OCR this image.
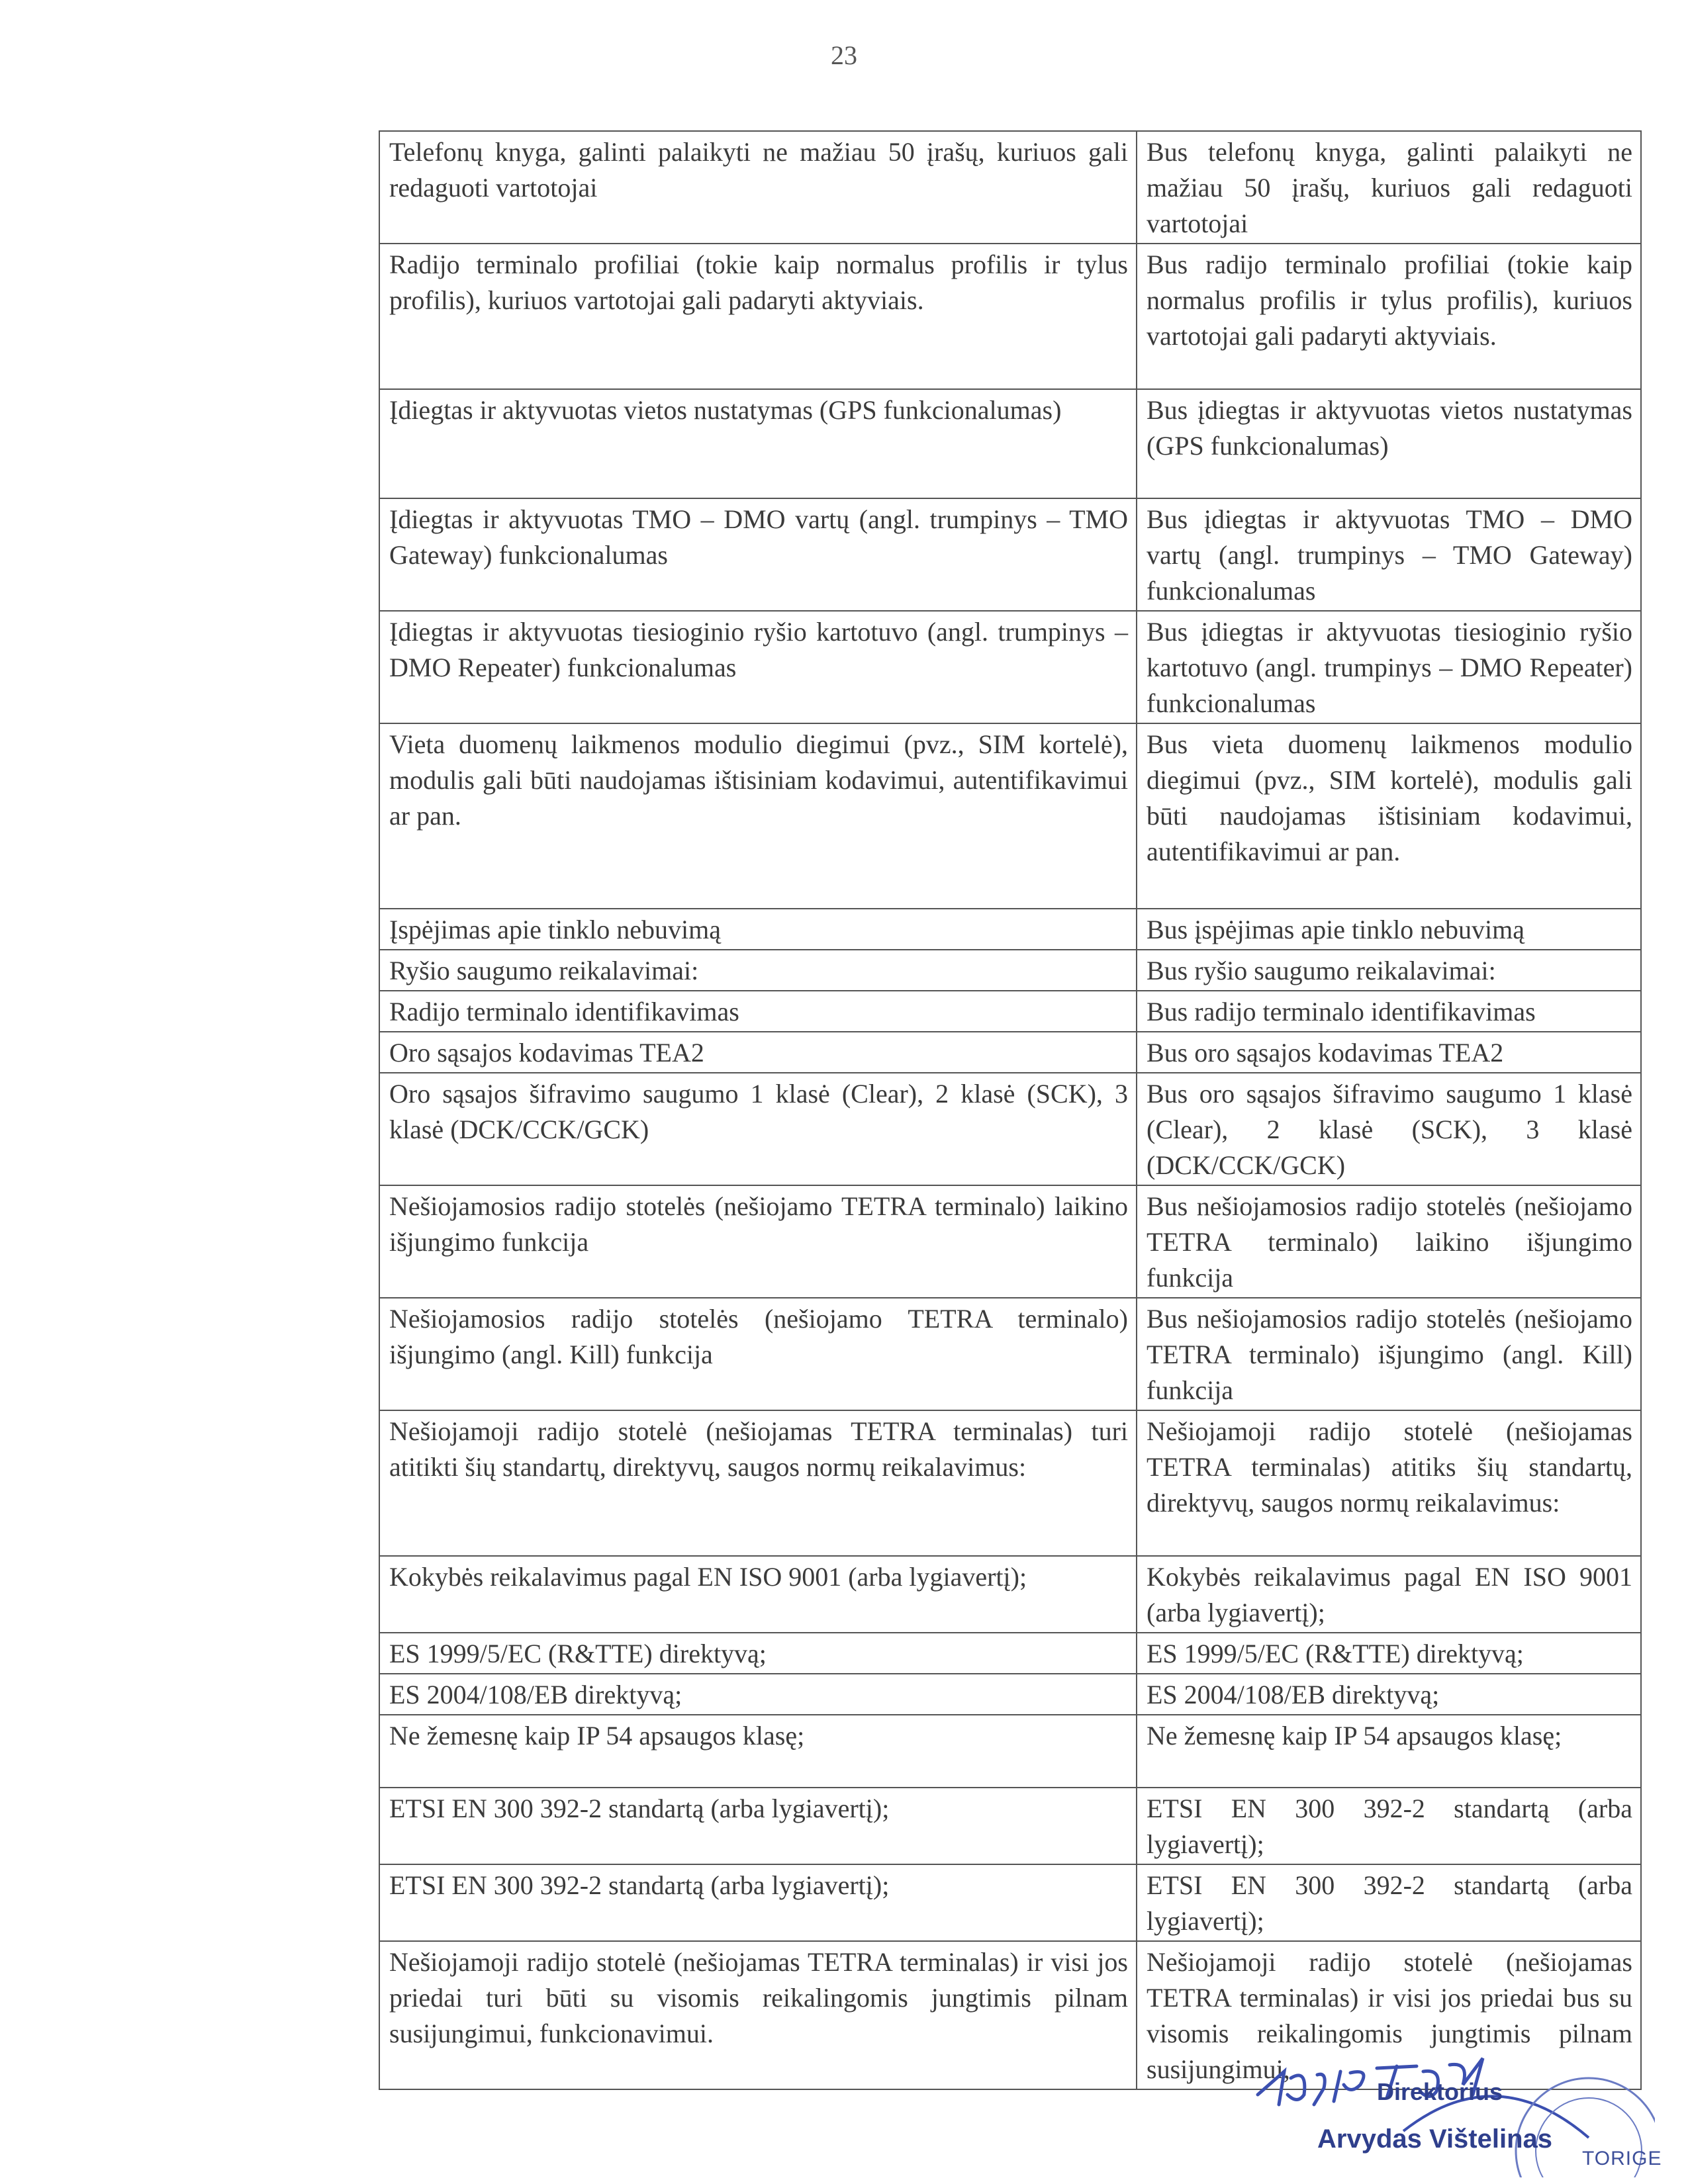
23
Telefonų knyga, galinti palaikyti ne mažiau 50 įrašų, kuriuos gali redaguoti vartotojai	Bus telefonų knyga, galinti palaikyti ne mažiau 50 įrašų, kuriuos gali redaguoti vartotojai
Radijo terminalo profiliai (tokie kaip normalus profilis ir tylus profilis), kuriuos vartotojai gali padaryti aktyviais.	Bus radijo terminalo profiliai (tokie kaip normalus profilis ir tylus profilis), kuriuos vartotojai gali padaryti aktyviais.
Įdiegtas ir aktyvuotas vietos nustatymas (GPS funkcionalumas)	Bus įdiegtas ir aktyvuotas vietos nustatymas (GPS funkcionalumas)
Įdiegtas ir aktyvuotas TMO – DMO vartų (angl. trumpinys – TMO Gateway) funkcionalumas	Bus įdiegtas ir aktyvuotas TMO – DMO vartų (angl. trumpinys – TMO Gateway) funkcionalumas
Įdiegtas ir aktyvuotas tiesioginio ryšio kartotuvo (angl. trumpinys – DMO Repeater) funkcionalumas	Bus įdiegtas ir aktyvuotas tiesioginio ryšio kartotuvo (angl. trumpinys – DMO Repeater) funkcionalumas
Vieta duomenų laikmenos modulio diegimui (pvz., SIM kortelė), modulis gali būti naudojamas ištisiniam kodavimui, autentifikavimui ar pan.	Bus vieta duomenų laikmenos modulio diegimui (pvz., SIM kortelė), modulis gali būti naudojamas ištisiniam kodavimui, autentifikavimui ar pan.
Įspėjimas apie tinklo nebuvimą	Bus įspėjimas apie tinklo nebuvimą
Ryšio saugumo reikalavimai:	Bus ryšio saugumo reikalavimai:
Radijo terminalo identifikavimas	Bus radijo terminalo identifikavimas
Oro sąsajos kodavimas TEA2	Bus oro sąsajos kodavimas TEA2
Oro sąsajos šifravimo saugumo 1 klasė (Clear), 2 klasė (SCK), 3 klasė (DCK/CCK/GCK)	Bus oro sąsajos šifravimo saugumo 1 klasė (Clear), 2 klasė (SCK), 3 klasė (DCK/CCK/GCK)
Nešiojamosios radijo stotelės (nešiojamo TETRA terminalo) laikino išjungimo funkcija	Bus nešiojamosios radijo stotelės (nešiojamo TETRA terminalo) laikino išjungimo funkcija
Nešiojamosios radijo stotelės (nešiojamo TETRA terminalo) išjungimo (angl. Kill) funkcija	Bus nešiojamosios radijo stotelės (nešiojamo TETRA terminalo) išjungimo (angl. Kill) funkcija
Nešiojamoji radijo stotelė (nešiojamas TETRA terminalas) turi atitikti šių standartų, direktyvų, saugos normų reikalavimus:	Nešiojamoji radijo stotelė (nešiojamas TETRA terminalas) atitiks šių standartų, direktyvų, saugos normų reikalavimus:
Kokybės reikalavimus pagal EN ISO 9001 (arba lygiavertį);	Kokybės reikalavimus pagal EN ISO 9001 (arba lygiavertį);
ES 1999/5/EC (R&TTE) direktyvą;	ES 1999/5/EC (R&TTE) direktyvą;
ES 2004/108/EB direktyvą;	ES 2004/108/EB direktyvą;
Ne žemesnę kaip IP 54 apsaugos klasę;	Ne žemesnę kaip IP 54 apsaugos klasę;
ETSI EN 300 392-2 standartą (arba lygiavertį);	ETSI EN 300 392-2 standartą (arba lygiavertį);
ETSI EN 300 392-2 standartą (arba lygiavertį);	ETSI EN 300 392-2 standartą (arba lygiavertį);
Nešiojamoji radijo stotelė (nešiojamas TETRA terminalas) ir visi jos priedai turi būti su visomis reikalingomis jungtimis pilnam susijungimui, funkcionavimui.	Nešiojamoji radijo stotelė (nešiojamas TETRA terminalas) ir visi jos priedai bus su visomis reikalingomis jungtimis pilnam susijungimui,
Direktorius
Arvydas Vištelinas
TORIGE
